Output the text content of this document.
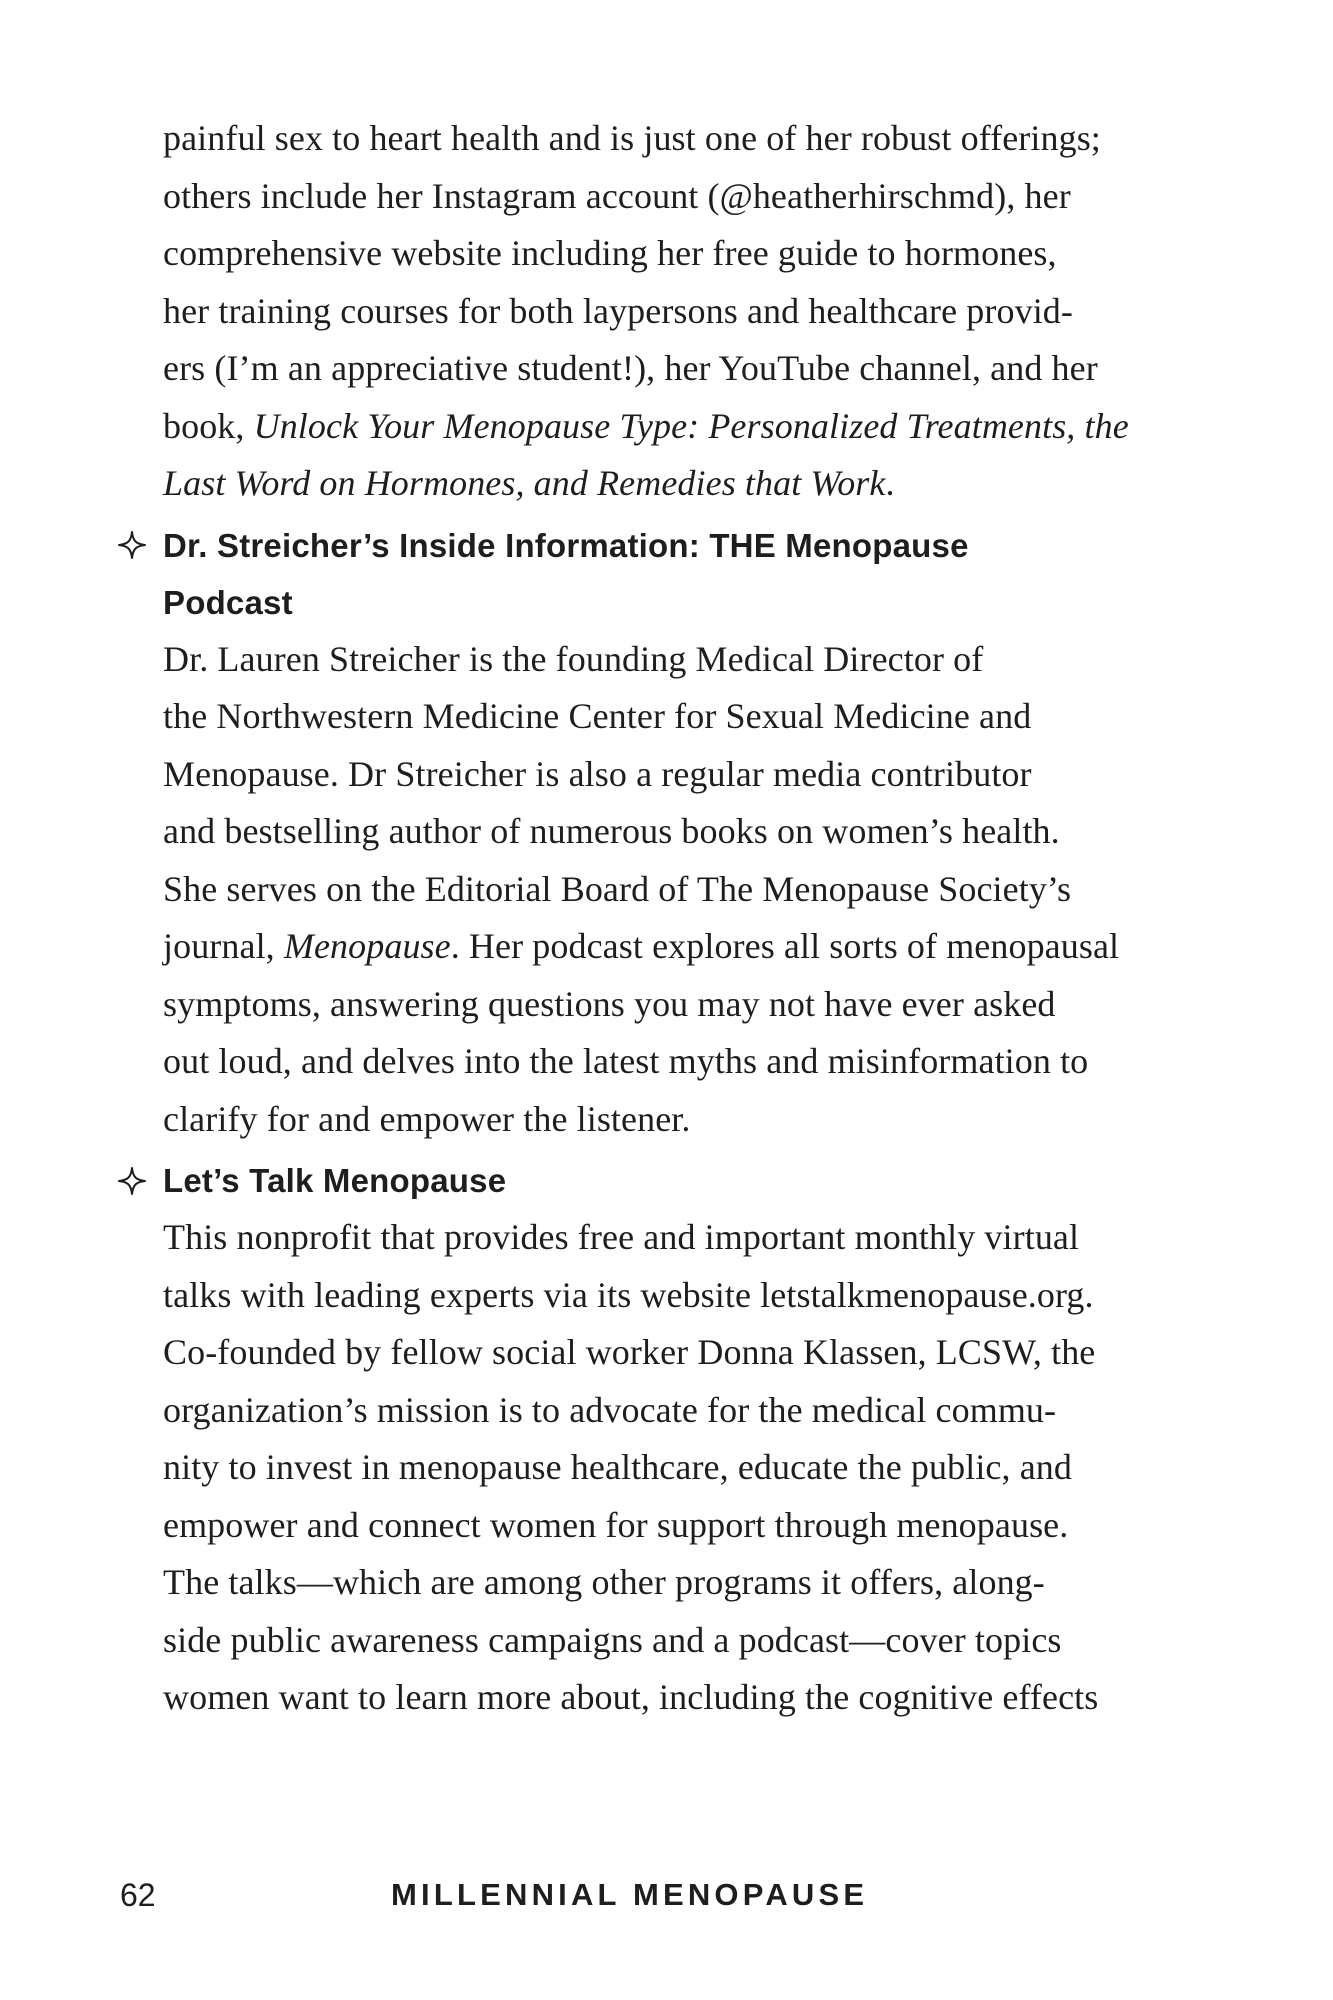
painful sex to heart health and is just one of her robust offerings;
others include her Instagram account (@heatherhirschmd), her
comprehensive website including her free guide to hormones,
her training courses for both laypersons and healthcare provid-
ers (I’m an appreciative student!), her YouTube channel, and her
book, Unlock Your Menopause Type: Personalized Treatments, the
Last Word on Hormones, and Remedies that Work.
Dr. Streicher’s Inside Information: THE Menopause
Podcast
Dr. Lauren Streicher is the founding Medical Director of
the Northwestern Medicine Center for Sexual Medicine and
Menopause. Dr Streicher is also a regular media contributor
and bestselling author of numerous books on women’s health.
She serves on the Editorial Board of The Menopause Society’s
journal, Menopause. Her podcast explores all sorts of menopausal
symptoms, answering questions you may not have ever asked
out loud, and delves into the latest myths and misinformation to
clarify for and empower the listener.
Let’s Talk Menopause
This nonprofit that provides free and important monthly virtual
talks with leading experts via its website letstalkmenopause.org.
Co-founded by fellow social worker Donna Klassen, LCSW, the
organization’s mission is to advocate for the medical commu-
nity to invest in menopause healthcare, educate the public, and
empower and connect women for support through menopause.
The talks—which are among other programs it offers, along-
side public awareness campaigns and a podcast—cover topics
women want to learn more about, including the cognitive effects
62	MILLENNIAL MENOPAUSE
